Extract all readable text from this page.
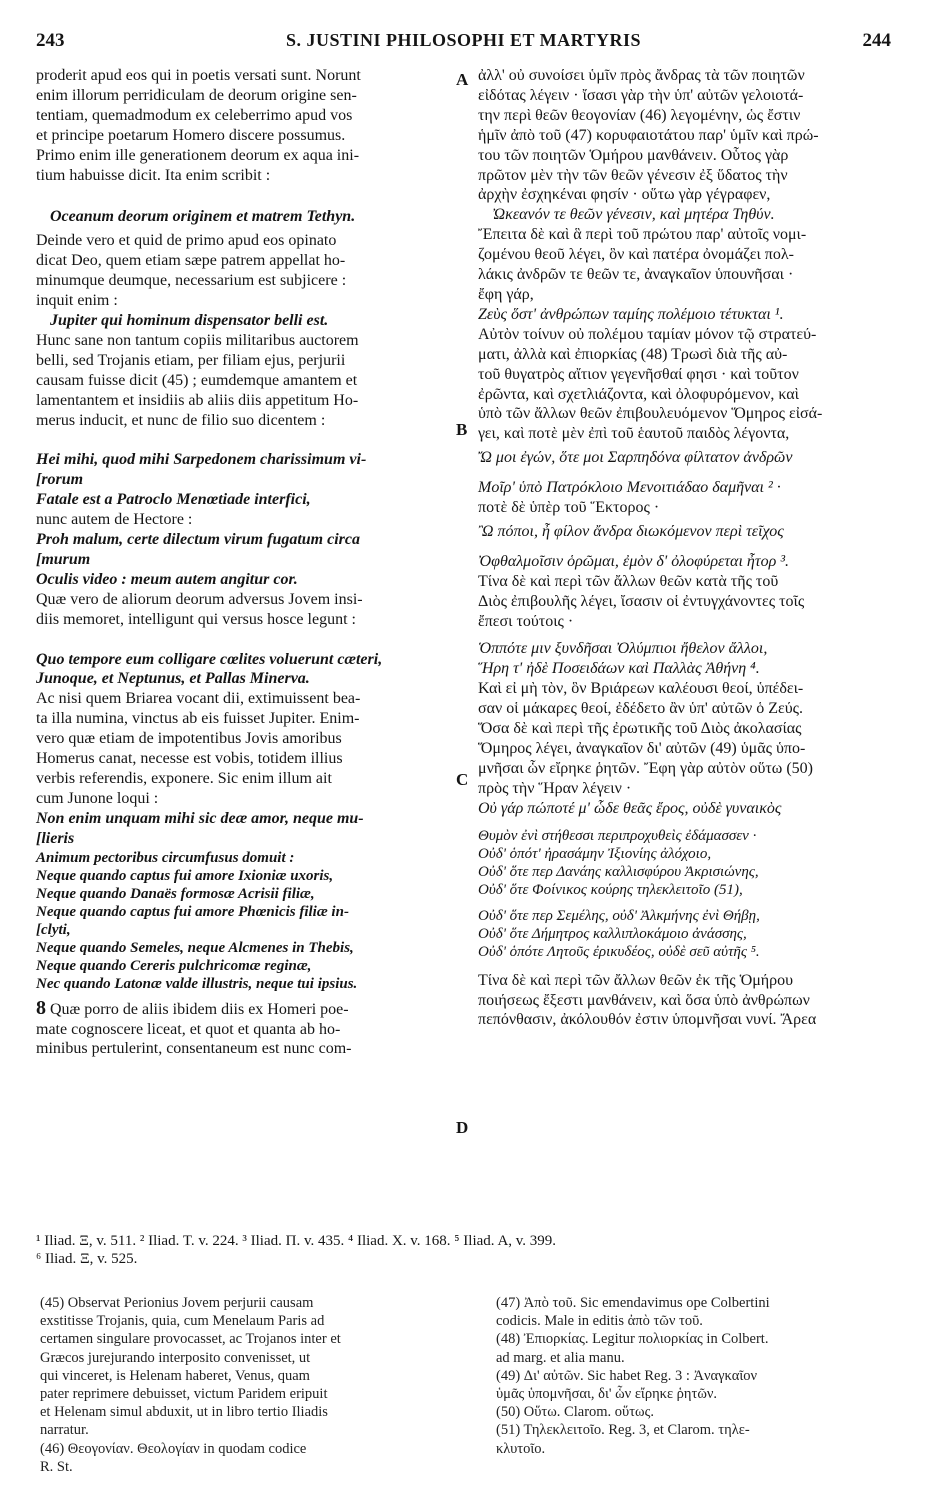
243	S. JUSTINI PHILOSOPHI ET MARTYRIS	244

proderit apud eos qui in poetis versati sunt. Norunt
enim illorum perridiculam de deorum origine sen-
tentiam, quemadmodum ex celeberrimo apud vos
et principe poetarum Homero discere possumus.
Primo enim ille generationem deorum ex aqua ini-
tium habuisse dicit. Ita enim scribit :

Oceanum deorum originem et matrem Tethyn.

Deinde vero et quid de primo apud eos opinato
dicat Deo, quem etiam sæpe patrem appellat ho-
minumque deumque, necessarium est subjicere :
inquit enim :

Jupiter qui hominum dispensator belli est.

Hunc sane non tantum copiis militaribus auctorem
belli, sed Trojanis etiam, per filiam ejus, perjurii
causam fuisse dicit (45) ; eumdemque amantem et
lamentantem et insidiis ab aliis diis appetitum Ho-
merus inducit, et nunc de filio suo dicentem :

Hei mihi, quod mihi Sarpedonem charissimum vi-
[rorum

Fatale est a Patroclo Menœtiade interfici,

nunc autem de Hectore :

Proh malum, certe dilectum virum fugatum circa
[murum

Oculis video : meum autem angitur cor.

Quæ vero de aliorum deorum adversus Jovem insi-
diis memoret, intelligunt qui versus hosce legunt :

Quo tempore eum colligare cœlites voluerunt cæteri,
Junoque, et Neptunus, et Pallas Minerva.

Ac nisi quem Briarea vocant dii, extimuissent bea-
ta illa numina, vinctus ab eis fuisset Jupiter. Enim-
vero quæ etiam de impotentibus Jovis amoribus
Homerus canat, necesse est vobis, totidem illius
verbis referendis, exponere. Sic enim illum ait
cum Junone loqui :

Non enim unquam mihi sic deæ amor, neque mu-
[lieris

Animum pectoribus circumfusus domuit :
Neque quando captus fui amore Ixioniæ uxoris,
Neque quando Danaës formosæ Acrisii filiæ,
Neque quando captus fui amore Phœnicis filiæ in-
[clyti,

Neque quando Semeles, neque Alcmenes in Thebis,
Neque quando Cereris pulchricomæ reginæ,
Nec quando Latonæ valde illustris, neque tui ipsius.

8 Quæ porro de aliis ibidem diis ex Homeri poe-
mate cognoscere liceat, et quot et quanta ab ho-
minibus pertulerint, consentaneum est nunc com-

A
B
C
D

ἀλλ' οὐ συνοίσει ὑμῖν πρὸς ἄνδρας τὰ τῶν ποιητῶν
εἰδότας λέγειν · ἴσασι γὰρ τὴν ὑπ' αὐτῶν γελοιοτά-
την περὶ θεῶν θεογονίαν (46) λεγομένην, ὡς ἔστιν
ἡμῖν ἀπὸ τοῦ (47) κορυφαιοτάτου παρ' ὑμῖν καὶ πρώ-
του τῶν ποιητῶν Ὁμήρου μανθάνειν. Οὗτος γὰρ
πρῶτον μὲν τὴν τῶν θεῶν γένεσιν ἐξ ὕδατος τὴν
ἀρχὴν ἐσχηκέναι φησίν · οὕτω γὰρ γέγραφεν,

Ὠκεανόν τε θεῶν γένεσιν, καὶ μητέρα Τηθύν.

Ἔπειτα δὲ καὶ ἃ περὶ τοῦ πρώτου παρ' αὐτοῖς νομι-
ζομένου θεοῦ λέγει, ὃν καὶ πατέρα ὀνομάζει πολ-
λάκις ἀνδρῶν τε θεῶν τε, ἀναγκαῖον ὑπουνῆσαι ·
ἔφη γάρ,

Ζεὺς ὅστ' ἀνθρώπων ταμίης πολέμοιο τέτυκται ¹.

Αὐτὸν τοίνυν οὐ πολέμου ταμίαν μόνον τῷ στρατεύ-
ματι, ἀλλὰ καὶ ἐπιορκίας (48) Τρωσὶ διὰ τῆς αὐ-
τοῦ θυγατρὸς αἴτιον γεγενῆσθαί φησι · καὶ τοῦτον
ἐρῶντα, καὶ σχετλιάζοντα, καὶ ὀλοφυρόμενον, καὶ
ὑπὸ τῶν ἄλλων θεῶν ἐπιβουλευόμενον Ὅμηρος εἰσά-
γει, καὶ ποτὲ μὲν ἐπὶ τοῦ ἑαυτοῦ παιδὸς λέγοντα,

Ὤ μοι ἐγών, ὅτε μοι Σαρπηδόνα φίλτατον ἀνδρῶν

Μοῖρ' ὑπὸ Πατρόκλοιο Μενοιτιάδαο δαμῆναι ² ·

ποτὲ δὲ ὑπὲρ τοῦ Ἕκτορος ·

Ὢ πόποι, ἦ φίλον ἄνδρα διωκόμενον περὶ τεῖχος

Ὀφθαλμοῖσιν ὁρῶμαι, ἐμὸν δ' ὀλοφύρεται ἦτορ ³.

Τίνα δὲ καὶ περὶ τῶν ἄλλων θεῶν κατὰ τῆς τοῦ
Διὸς ἐπιβουλῆς λέγει, ἴσασιν οἱ ἐντυγχάνοντες τοῖς
ἔπεσι τούτοις ·

Ὁππότε μιν ξυνδῆσαι Ὀλύμπιοι ἤθελον ἄλλοι,
Ἥρη τ' ἠδὲ Ποσειδάων καὶ Παλλὰς Ἀθήνη ⁴.

Καὶ εἰ μὴ τὸν, ὃν Βριάρεων καλέουσι θεοί, ὑπέδει-
σαν οἱ μάκαρες θεοί, ἐδέδετο ἂν ὑπ' αὐτῶν ὁ Ζεύς.
Ὅσα δὲ καὶ περὶ τῆς ἐρωτικῆς τοῦ Διὸς ἀκολασίας
Ὅμηρος λέγει, ἀναγκαῖον δι' αὐτῶν (49) ὑμᾶς ὑπο-
μνῆσαι ὧν εἴρηκε ῥητῶν. Ἔφη γὰρ αὐτὸν οὕτω (50)
πρὸς τὴν Ἥραν λέγειν ·

Οὐ γάρ πώποτέ μ' ὧδε θεᾶς ἔρος, οὐδὲ γυναικὸς

Θυμὸν ἐνὶ στήθεσσι περιπροχυθεὶς ἐδάμασσεν ·
Οὐδ' ὁπότ' ἠρασάμην Ἰξιονίης ἀλόχοιο,
Οὐδ' ὅτε περ Δανάης καλλισφύρου Ἀκρισιώνης,
Οὐδ' ὅτε Φοίνικος κούρης τηλεκλειτοῖο (51),

Οὐδ' ὅτε περ Σεμέλης, οὐδ' Ἀλκμήνης ἐνὶ Θήβῃ,
Οὐδ' ὅτε Δήμητρος καλλιπλοκάμοιο ἀνάσσης,
Οὐδ' ὁπότε Λητοῦς ἐρικυδέος, οὐδὲ σεῦ αὐτῆς ⁵.

Τίνα δὲ καὶ περὶ τῶν ἄλλων θεῶν ἐκ τῆς Ὁμήρου
ποιήσεως ἔξεστι μανθάνειν, καὶ ὅσα ὑπὸ ἀνθρώπων
πεπόνθασιν, ἀκόλουθόν ἐστιν ὑπομνῆσαι νυνί. Ἄρεα

¹ Iliad. Ξ, v. 511. ² Iliad. T. v. 224. ³ Iliad. Π. v. 435. ⁴ Iliad. X. v. 168. ⁵ Iliad. A, v. 399.
⁶ Iliad. Ξ, v. 525.

(45) Observat Perionius Jovem perjurii causam
exstitisse Trojanis, quia, cum Menelaum Paris ad
certamen singulare provocasset, ac Trojanos inter et
Græcos jurejurando interposito convenisset, ut
qui vinceret, is Helenam haberet, Venus, quam
pater reprimere debuisset, victum Paridem eripuit
et Helenam simul abduxit, ut in libro tertio Iliadis
narratur.
(46) Θεογονίαν. Θεολογίαν in quodam codice
R. St.

(47) Ἀπὸ τοῦ. Sic emendavimus ope Colbertini
codicis. Male in editis ἀπὸ τῶν τοῦ.
(48) Ἐπιορκίας. Legitur πολιορκίας in Colbert.
ad marg. et alia manu.
(49) Δι' αὐτῶν. Sic habet Reg. 3 : Ἀναγκαῖον
ὑμᾶς ὑπομνῆσαι, δι' ὧν εἴρηκε ῥητῶν.
(50) Οὕτω. Clarom. οὕτως.
(51) Τηλεκλειτοῖο. Reg. 3, et Clarom. τηλε-
κλυτοῖο.
